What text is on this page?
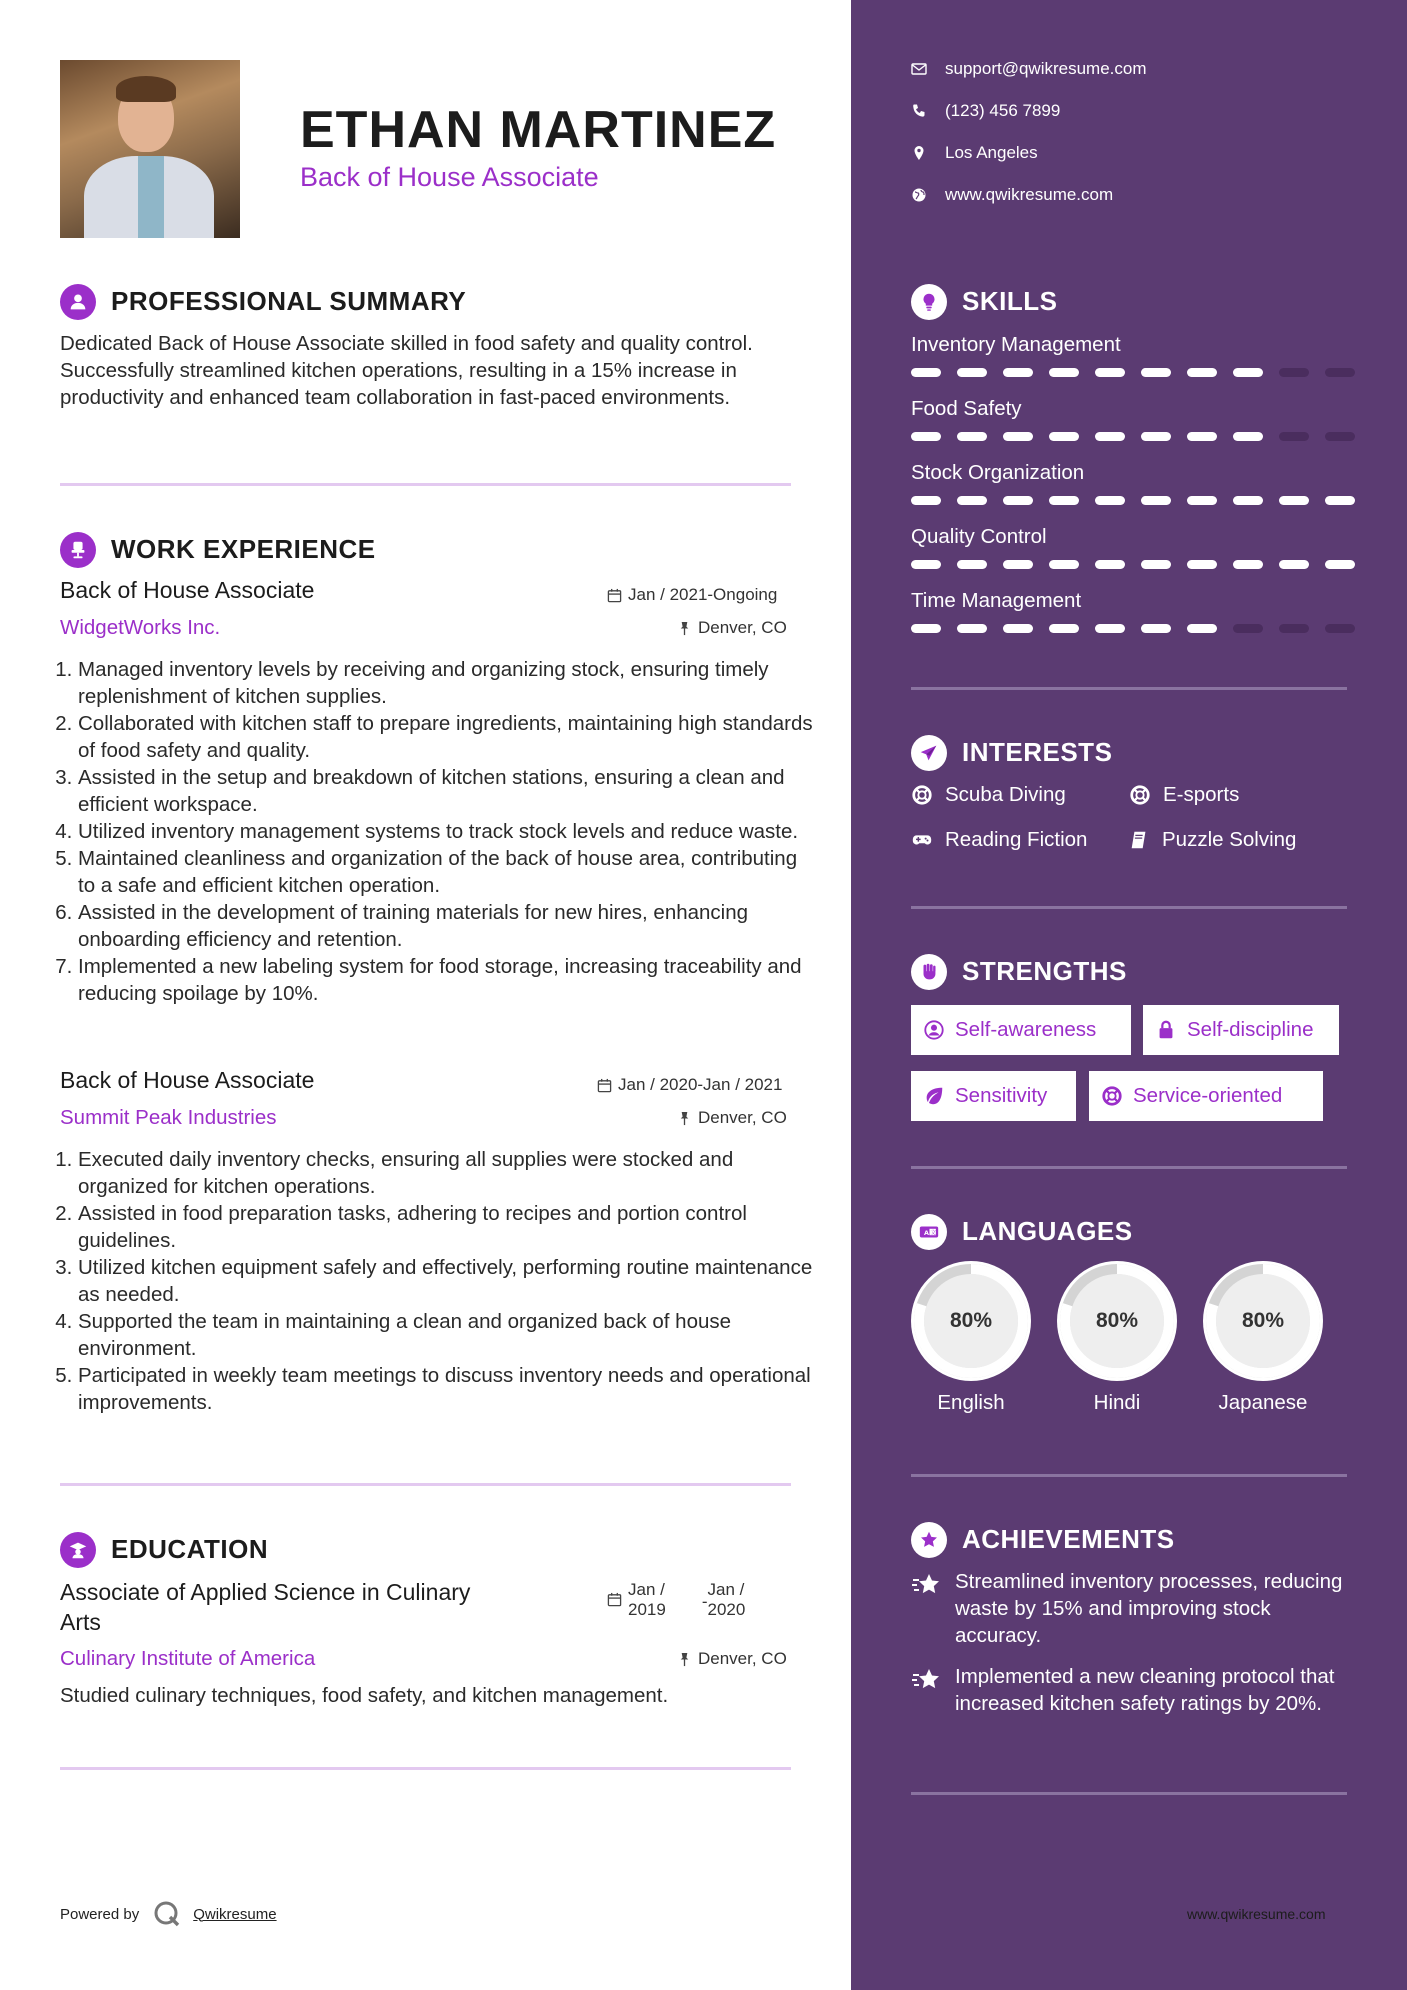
ETHAN MARTINEZ
Back of House Associate
PROFESSIONAL SUMMARY
Dedicated Back of House Associate skilled in food safety and quality control. Successfully streamlined kitchen operations, resulting in a 15% increase in productivity and enhanced team collaboration in fast-paced environments.
WORK EXPERIENCE
Back of House Associate	Jan / 2021-Ongoing
WidgetWorks Inc.	Denver, CO
1. Managed inventory levels by receiving and organizing stock, ensuring timely replenishment of kitchen supplies.
2. Collaborated with kitchen staff to prepare ingredients, maintaining high standards of food safety and quality.
3. Assisted in the setup and breakdown of kitchen stations, ensuring a clean and efficient workspace.
4. Utilized inventory management systems to track stock levels and reduce waste.
5. Maintained cleanliness and organization of the back of house area, contributing to a safe and efficient kitchen operation.
6. Assisted in the development of training materials for new hires, enhancing onboarding efficiency and retention.
7. Implemented a new labeling system for food storage, increasing traceability and reducing spoilage by 10%.
Back of House Associate	Jan / 2020-Jan / 2021
Summit Peak Industries	Denver, CO
1. Executed daily inventory checks, ensuring all supplies were stocked and organized for kitchen operations.
2. Assisted in food preparation tasks, adhering to recipes and portion control guidelines.
3. Utilized kitchen equipment safely and effectively, performing routine maintenance as needed.
4. Supported the team in maintaining a clean and organized back of house environment.
5. Participated in weekly team meetings to discuss inventory needs and operational improvements.
EDUCATION
Associate of Applied Science in Culinary
Arts
Jan /
2019 -
Jan /
2020
Culinary Institute of America	Denver, CO
Studied culinary techniques, food safety, and kitchen management.
Powered by	Qwikresume
support@qwikresume.com
(123) 456 7899
Los Angeles
www.qwikresume.com
SKILLS
Inventory Management
Food Safety
Stock Organization
Quality Control
Time Management
INTERESTS
Scuba Diving	E-sports
Reading Fiction	Puzzle Solving
STRENGTHS
Self-awareness	Self-discipline
Sensitivity	Service-oriented
A 文 LANGUAGES
80%
English
80%
Hindi
80%
Japanese
ACHIEVEMENTS
Streamlined inventory processes, reducing waste by 15% and improving stock accuracy.
Implemented a new cleaning protocol that increased kitchen safety ratings by 20%.
www.qwikresume.com
